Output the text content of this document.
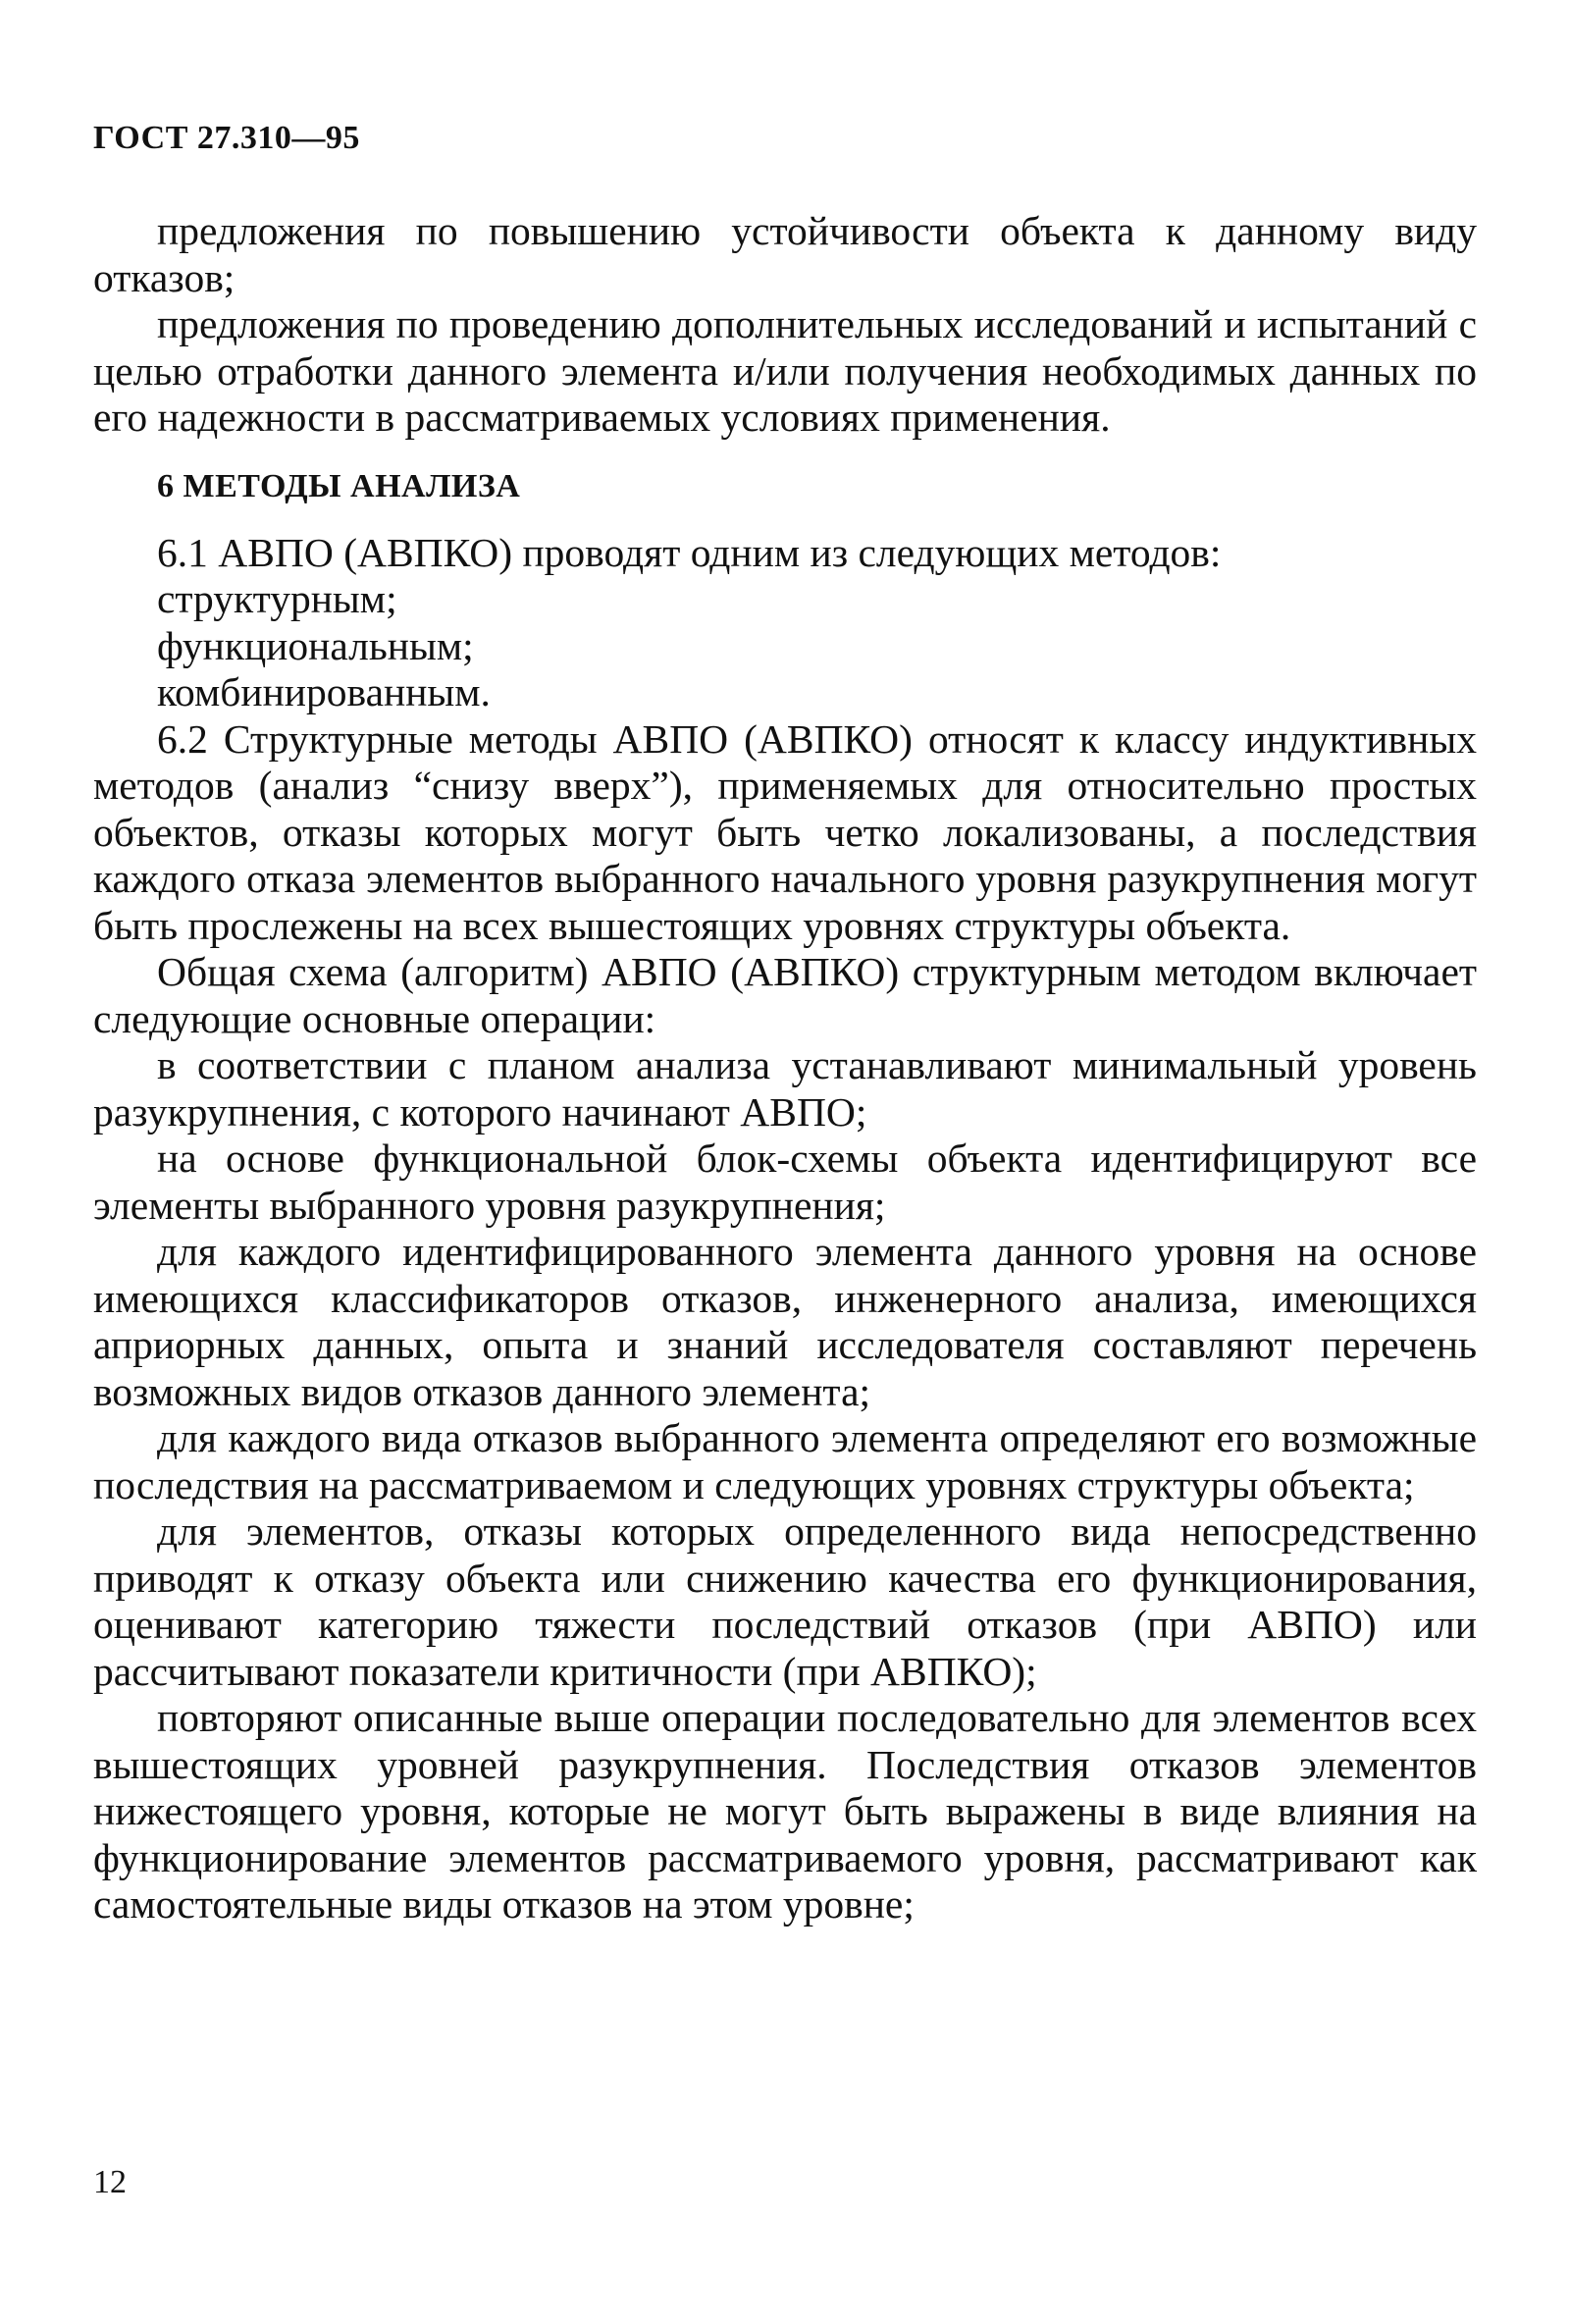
ГОСТ 27.310—95

предложения по повышению устойчивости объекта к данному виду отказов;

предложения по проведению дополнительных исследований и испытаний с целью отработки данного элемента и/или получения необходимых данных по его надежности в рассматриваемых условиях применения.

6 МЕТОДЫ АНАЛИЗА

6.1 АВПО (АВПКО) проводят одним из следующих методов:

структурным;

функциональным;

комбинированным.

6.2 Структурные методы АВПО (АВПКО) относят к классу индуктивных методов (анализ “снизу вверх”), применяемых для относительно простых объектов, отказы которых могут быть четко локализованы, а последствия каждого отказа элементов выбранного начального уровня разукрупнения могут быть прослежены на всех вышестоящих уровнях структуры объекта.

Общая схема (алгоритм) АВПО (АВПКО) структурным методом включает следующие основные операции:

в соответствии с планом анализа устанавливают минимальный уровень разукрупнения, с которого начинают АВПО;

на основе функциональной блок-схемы объекта идентифицируют все элементы выбранного уровня разукрупнения;

для каждого идентифицированного элемента данного уровня на основе имеющихся классификаторов отказов, инженерного анализа, имеющихся априорных данных, опыта и знаний исследователя составляют перечень возможных видов отказов данного элемента;

для каждого вида отказов выбранного элемента определяют его возможные последствия на рассматриваемом и следующих уровнях структуры объекта;

для элементов, отказы которых определенного вида непосредственно приводят к отказу объекта или снижению качества его функционирования, оценивают категорию тяжести последствий отказов (при АВПО) или рассчитывают показатели критичности (при АВПКО);

повторяют описанные выше операции последовательно для элементов всех вышестоящих уровней разукрупнения. Последствия отказов элементов нижестоящего уровня, которые не могут быть выражены в виде влияния на функционирование элементов рассматриваемого уровня, рассматривают как самостоятельные виды отказов на этом уровне;

12
